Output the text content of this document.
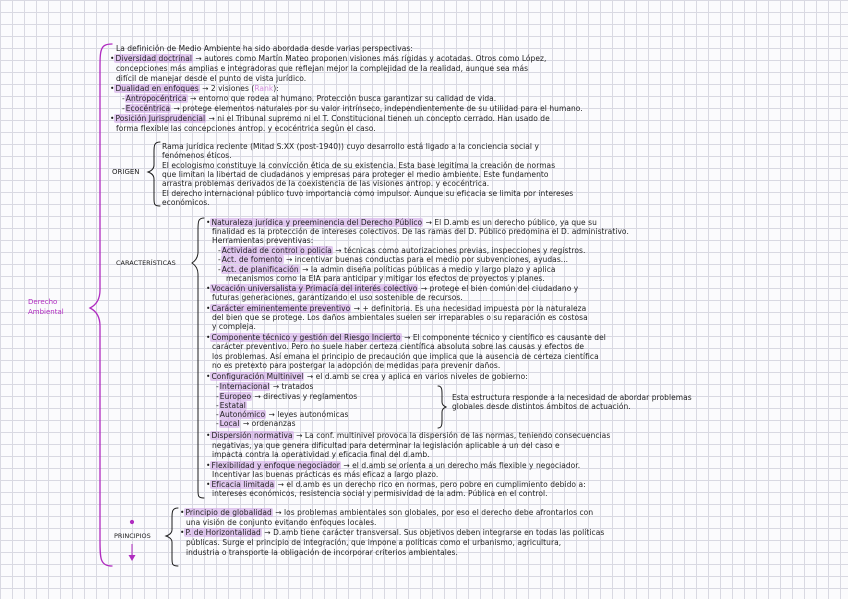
Derecho
Ambiental
La definición de Medio Ambiente ha sido abordada desde varias perspectivas:
•Diversidad doctrinal → autores como Martín Mateo proponen visiones más rígidas y acotadas. Otros como López,
concepciones más amplias e integradoras que reflejan mejor la complejidad de la realidad, aunque sea más
difícil de manejar desde el punto de vista jurídico.
•Dualidad en enfoques → 2 visiones (Rank):
-Antropocéntrica → entorno que rodea al humano. Protección busca garantizar su calidad de vida.
-Ecocéntrica → protege elementos naturales por su valor intrínseco, independientemente de su utilidad para el humano.
•Posición Jurisprudencial → ni el Tribunal supremo ni el T. Constitucional tienen un concepto cerrado. Han usado de
forma flexible las concepciones antrop. y ecocéntrica según el caso.
ORIGEN
Rama jurídica reciente (Mitad S.XX (post-1940)) cuyo desarrollo está ligado a la conciencia social y
fenómenos éticos.
El ecologismo constituye la convicción ética de su existencia. Esta base legitima la creación de normas
que limitan la libertad de ciudadanos y empresas para proteger el medio ambiente. Este fundamento
arrastra problemas derivados de la coexistencia de las visiones antrop. y ecocéntrica.
El derecho internacional público tuvo importancia como impulsor. Aunque su eficacia se limita por intereses
económicos.
CARACTERÍSTICAS
•Naturaleza jurídica y preeminencia del Derecho Público → El D.amb es un derecho público, ya que su
finalidad es la protección de intereses colectivos. De las ramas del D. Público predomina el D. administrativo.
Herramientas preventivas:
-Actividad de control o policía → técnicas como autorizaciones previas, inspecciones y registros.
-Act. de fomento → incentivar buenas conductas para el medio por subvenciones, ayudas...
-Act. de planificación → la admin diseña políticas públicas a medio y largo plazo y aplica
mecanismos como la EIA para anticipar y mitigar los efectos de proyectos y planes.
•Vocación universalista y Primacía del interés colectivo → protege el bien común del ciudadano y
futuras generaciones, garantizando el uso sostenible de recursos.
•Carácter eminentemente preventivo → + definitoria. Es una necesidad impuesta por la naturaleza
del bien que se protege. Los daños ambientales suelen ser irreparables o su reparación es costosa
y compleja.
•Componente técnico y gestión del Riesgo Incierto → El componente técnico y científico es causante del
carácter preventivo. Pero no suele haber certeza científica absoluta sobre las causas y efectos de
los problemas. Así emana el principio de precaución que implica que la ausencia de certeza científica
no es pretexto para postergar la adopción de medidas para prevenir daños.
•Configuración Multinivel → el d.amb se crea y aplica en varios niveles de gobierno:
-Internacional → tratados
-Europeo → directivas y reglamentos
-Estatal
-Autonómico → leyes autonómicas
-Local → ordenanzas
Esta estructura responde a la necesidad de abordar problemas
globales desde distintos ámbitos de actuación.
•Dispersión normativa → La conf. multinivel provoca la dispersión de las normas, teniendo consecuencias
negativas, ya que genera dificultad para determinar la legislación aplicable a un del caso e
impacta contra la operatividad y eficacia final del d.amb.
•Flexibilidad y enfoque negociador → el d.amb se orienta a un derecho más flexible y negociador.
Incentivar las buenas prácticas es más eficaz a largo plazo.
•Eficacia limitada → el d.amb es un derecho rico en normas, pero pobre en cumplimiento debido a:
intereses económicos, resistencia social y permisividad de la adm. Pública en el control.
PRINCIPIOS
•Principio de globalidad → los problemas ambientales son globales, por eso el derecho debe afrontarlos con
una visión de conjunto evitando enfoques locales.
•P. de Horizontalidad → D.amb tiene carácter transversal. Sus objetivos deben integrarse en todas las políticas
públicas. Surge el principio de integración, que impone a políticas como el urbanismo, agricultura,
industria o transporte la obligación de incorporar criterios ambientales.
